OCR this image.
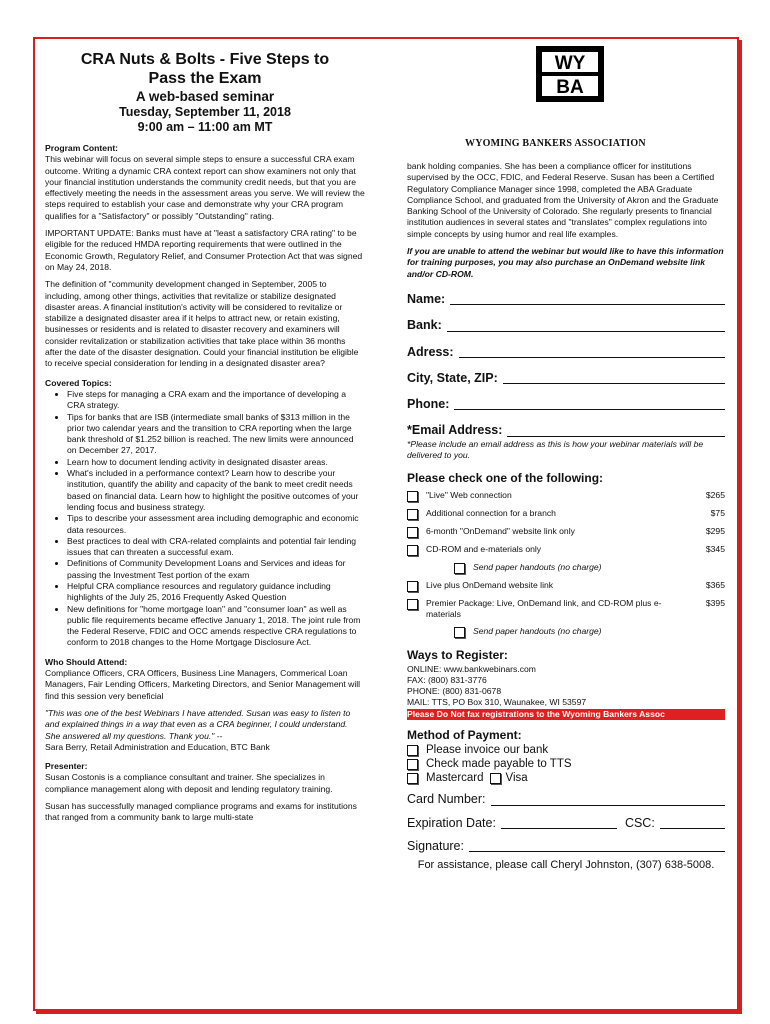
WY
BA
WYOMING BANKERS ASSOCIATION
CRA Nuts & Bolts - Five Steps to
Pass the Exam
A web-based seminar
Tuesday, September 11, 2018
9:00 am – 11:00 am MT
Program Content:

This webinar will focus on several simple steps to ensure a successful CRA exam outcome. Writing a dynamic CRA context report can show examiners not only that your financial institution understands the community credit needs, but that you are effectively meeting the needs in the assessment areas you serve. We will review the steps required to establish your case and demonstrate why your CRA program qualifies for a "Satisfactory" or possibly "Outstanding" rating.

IMPORTANT UPDATE: Banks must have at "least a satisfactory CRA rating" to be eligible for the reduced HMDA reporting requirements that were outlined in the Economic Growth, Regulatory Relief, and Consumer Protection Act that was signed on May 24, 2018.

The definition of "community development changed in September, 2005 to including, among other things, activities that revitalize or stabilize designated disaster areas. A financial institution's activity will be considered to revitalize or stabilize a designated disaster area if it helps to attract new, or retain existing, businesses or residents and is related to disaster recovery and examiners will consider revitalization or stabilization activities that take place within 36 months after the date of the disaster designation. Could your financial institution be eligible to receive special consideration for lending in a designated disaster area?

Covered Topics:
• Five steps for managing a CRA exam and the importance of developing a CRA strategy.
• Tips for banks that are ISB (intermediate small banks of $313 million in the prior two calendar years and the transition to CRA reporting when the large bank threshold of $1.252 billion is reached. The new limits were announced on December 27, 2017.
• Learn how to document lending activity in designated disaster areas.
• What's included in a performance context? Learn how to describe your institution, quantify the ability and capacity of the bank to meet credit needs based on financial data. Learn how to highlight the positive outcomes of your lending focus and business strategy.
• Tips to describe your assessment area including demographic and economic data resources.
• Best practices to deal with CRA-related complaints and potential fair lending issues that can threaten a successful exam.
• Definitions of Community Development Loans and Services and ideas for passing the Investment Test portion of the exam
• Helpful CRA compliance resources and regulatory guidance including highlights of the July 25, 2016 Frequently Asked Question
• New definitions for "home mortgage loan" and "consumer loan" as well as public file requirements became effective January 1, 2018. The joint rule from the Federal Reserve, FDIC and OCC amends respective CRA regulations to conform to 2018 changes to the Home Mortgage Disclosure Act.
Who Should Attend:

Compliance Officers, CRA Officers, Business Line Managers, Commerical Loan Managers, Fair Lending Officers, Marketing Directors, and Senior Management will find this session very beneficial

"This was one of the best Webinars I have attended. Susan was easy to listen to and explained things in a way that even as a CRA beginner, I could understand. She answered all my questions. Thank you." --

Sara Berry, Retail Administration and Education, BTC Bank

Presenter:

Susan Costonis is a compliance consultant and trainer. She specializes in compliance management along with deposit and lending regulatory training.

Susan has successfully managed compliance programs and exams for institutions that ranged from a community bank to large multi-state

bank holding companies. She has been a compliance officer for institutions supervised by the OCC, FDIC, and Federal Reserve. Susan has been a Certified Regulatory Compliance Manager since 1998, completed the ABA Graduate Compliance School, and graduated from the University of Akron and the Graduate Banking School of the University of Colorado. She regularly presents to financial institution audiences in several states and "translates" complex regulations into simple concepts by using humor and real life examples.

If you are unable to attend the webinar but would like to have this information for training purposes, you may also purchase an OnDemand website link and/or CD-ROM.

Name:
Bank:
Adress:
City, State, ZIP:
Phone:
*Email Address:

*Please include an email address as this is how your webinar materials will be delivered to you.

Please check one of the following:
"Live" Web connection	$265
Additional connection for a branch	$75
6-month "OnDemand" website link only	$295
CD-ROM and e-materials only	$345
Send paper handouts (no charge)
Live plus OnDemand website link	$365
Premier Package: Live, OnDemand link, and CD-ROM plus e-materials
$395
Send paper handouts (no charge)
Ways to Register:
ONLINE: www.bankwebinars.com
FAX: (800) 831-3776
PHONE: (800) 831-0678
MAIL: TTS, PO Box 310, Waunakee, WI 53597
Please Do Not fax registrations to the Wyoming Bankers Assoc
Method of Payment:
Please invoice our bank
Check made payable to TTS
Mastercard Visa
Card Number:
Expiration Date:	CSC:
Signature:
For assistance, please call Cheryl Johnston, (307) 638-5008.
